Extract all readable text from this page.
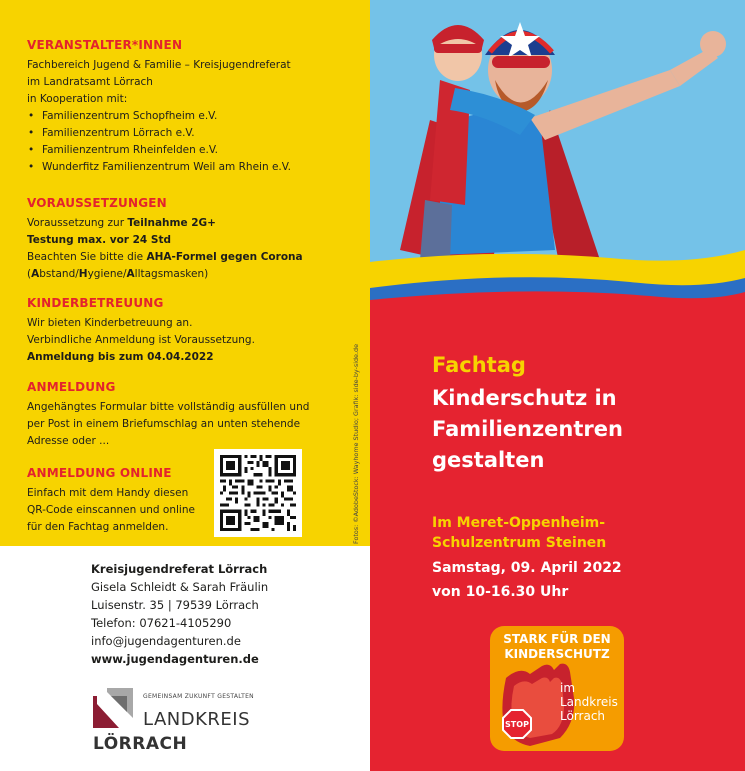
VERANSTALTER*INNEN
Fachbereich Jugend & Familie – Kreisjugendreferat
im Landratsamt Lörrach
in Kooperation mit:
• Familienzentrum Schopfheim e.V.
• Familienzentrum Lörrach e.V.
• Familienzentrum Rheinfelden e.V.
• Wunderfitz Familienzentrum Weil am Rhein e.V.
VORAUSSETZUNGEN
Voraussetzung zur Teilnahme 2G+
Testung max. vor 24 Std
Beachten Sie bitte die AHA-Formel gegen Corona
(Abstand/Hygiene/Alltagsmasken)
KINDERBETREUUNG
Wir bieten Kinderbetreuung an.
Verbindliche Anmeldung ist Voraussetzung.
Anmeldung bis zum 04.04.2022
ANMELDUNG
Angehängtes Formular bitte vollständig ausfüllen und
per Post in einem Briefumschlag an unten stehende
Adresse oder ...
ANMELDUNG ONLINE
Einfach mit dem Handy diesen
QR-Code einscannen und online
für den Fachtag anmelden.	Fotos: ©AdobeStock: Wayhome Studio; Grafik: side-by-side.de
Kreisjugendreferat Lörrach
Gisela Schleidt & Sarah Fräulin
Luisenstr. 35 | 79539 Lörrach
Telefon: 07621-4105290
info@jugendagenturen.de
www.jugendagenturen.de
GEMEINSAM ZUKUNFT GESTALTEN
LANDKREIS
LÖRRACH
Fachtag
Kinderschutz in
Familienzentren
gestalten
Im Meret-Oppenheim-
Schulzentrum Steinen
Samstag, 09. April 2022
von 10-16.30 Uhr
STOP
STARK FÜR DEN
KINDERSCHUTZ
im
Landkreis
Lörrach
